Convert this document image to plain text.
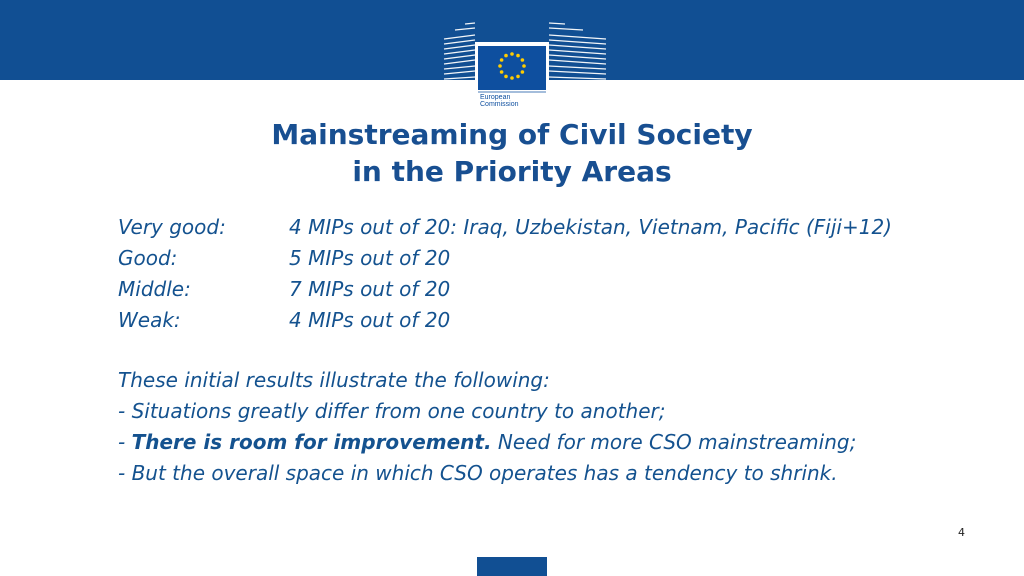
European
Commission
Mainstreaming of Civil Society
in the Priority Areas
Very good:	4 MIPs out of 20: Iraq, Uzbekistan, Vietnam, Pacific (Fiji+12)
Good:	5 MIPs out of 20
Middle:	7 MIPs out of 20
Weak:	4 MIPs out of 20
These initial results illustrate the following:
- Situations greatly differ from one country to another;
- There is room for improvement. Need for more CSO mainstreaming;
- But the overall space in which CSO operates has a tendency to shrink.
4
